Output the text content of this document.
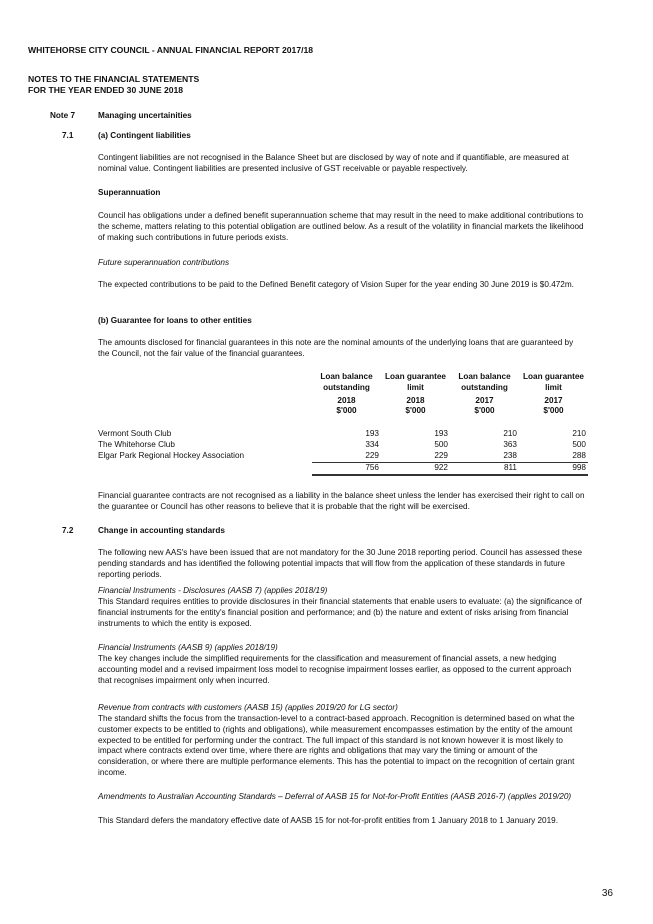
WHITEHORSE CITY COUNCIL - ANNUAL FINANCIAL REPORT 2017/18
NOTES TO THE FINANCIAL STATEMENTS
FOR THE YEAR ENDED 30 JUNE 2018
Note 7	Managing uncertainities
7.1	(a) Contingent liabilities

Contingent liabilities are not recognised in the Balance Sheet but are disclosed by way of note and if quantifiable, are measured at nominal value. Contingent liabilities are presented inclusive of GST receivable or payable respectively.

Superannuation

Council has obligations under a defined benefit superannuation scheme that may result in the need to make additional contributions to the scheme, matters relating to this potential obligation are outlined below. As a result of the volatility in financial markets the likelihood of making such contributions in future periods exists.

Future superannuation contributions

The expected contributions to be paid to the Defined Benefit category of Vision Super for the year ending 30 June 2019 is $0.472m.

(b) Guarantee for loans to other entities

The amounts disclosed for financial guarantees in this note are the nominal amounts of the underlying loans that are guaranteed by the Council, not the fair value of the financial guarantees.

	Loan balance outstanding	Loan guarantee limit	Loan balance outstanding	Loan guarantee limit
	2018	2018	2017	2017
	$'000	$'000	$'000	$'000

Vermont South Club	193	193	210	210
The Whitehorse Club	334	500	363	500
Elgar Park Regional Hockey Association	229	229	238	288
	756	922	811	998

Financial guarantee contracts are not recognised as a liability in the balance sheet unless the lender has exercised their right to call on the guarantee or Council has other reasons to believe that it is probable that the right will be exercised.

7.2	Change in accounting standards

The following new AAS's have been issued that are not mandatory for the 30 June 2018 reporting period. Council has assessed these pending standards and has identified the following potential impacts that will flow from the application of these standards in future reporting periods.

Financial Instruments - Disclosures (AASB 7) (applies 2018/19)

This Standard requires entities to provide disclosures in their financial statements that enable users to evaluate: (a) the significance of financial instruments for the entity's financial position and performance; and (b) the nature and extent of risks arising from financial instruments to which the entity is exposed.

Financial Instruments (AASB 9) (applies 2018/19)

The key changes include the simplified requirements for the classification and measurement of financial assets, a new hedging accounting model and a revised impairment loss model to recognise impairment losses earlier, as opposed to the current approach that recognises impairment only when incurred.

Revenue from contracts with customers (AASB 15) (applies 2019/20 for LG sector)

The standard shifts the focus from the transaction-level to a contract-based approach. Recognition is determined based on what the customer expects to be entitled to (rights and obligations), while measurement encompasses estimation by the entity of the amount expected to be entitled for performing under the contract. The full impact of this standard is not known however it is most likely to impact where contracts extend over time, where there are rights and obligations that may vary the timing or amount of the consideration, or where there are multiple performance elements. This has the potential to impact on the recognition of certain grant income.

Amendments to Australian Accounting Standards – Deferral of AASB 15 for Not-for-Profit Entities (AASB 2016-7) (applies 2019/20)

This Standard defers the mandatory effective date of AASB 15 for not-for-profit entities from 1 January 2018 to 1 January 2019.

36
